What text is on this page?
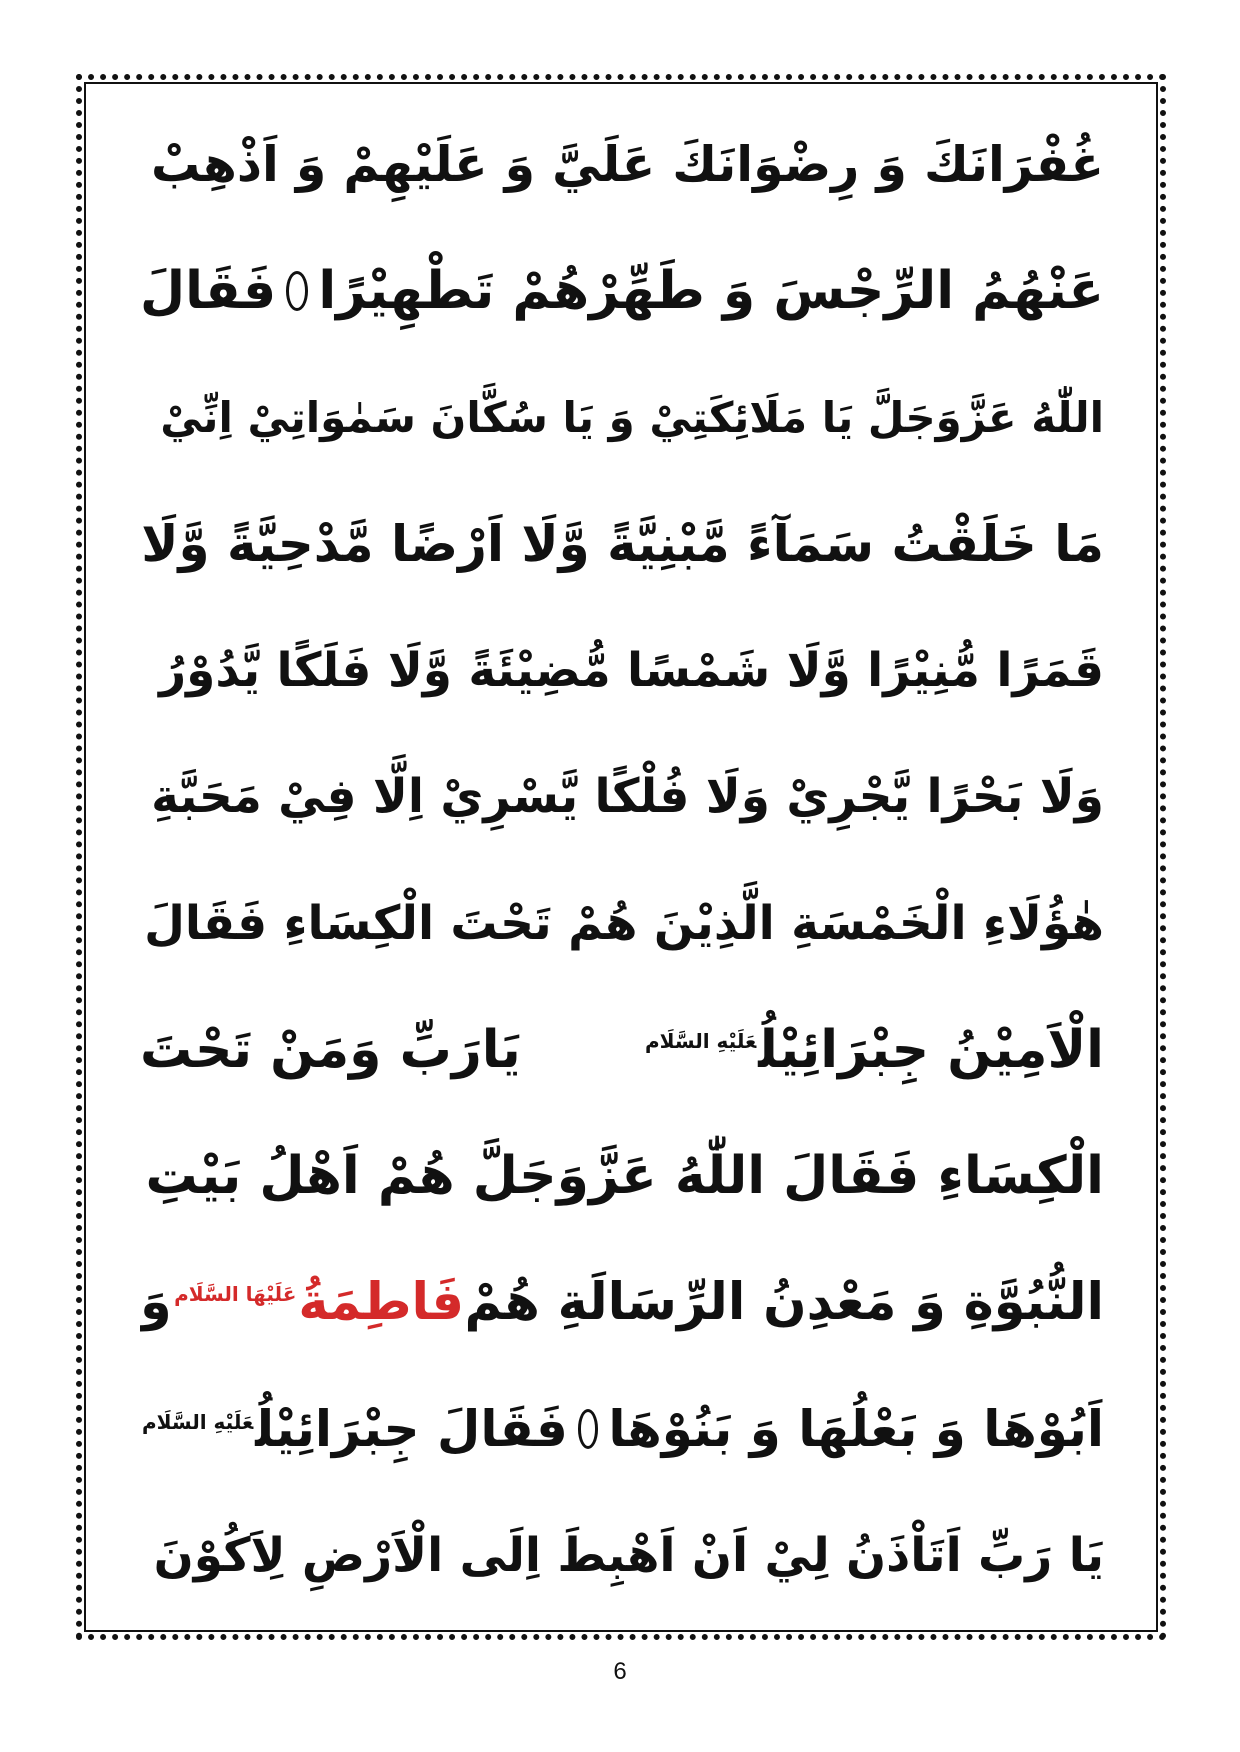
غُفْرَانَكَ وَ رِضْوَانَكَ عَلَيَّ وَ عَلَيْهِمْ وَ اَذْهِبْ
عَنْهُمُ الرِّجْسَ وَ طَهِّرْهُمْ تَطْهِيْرًا
فَقَالَ
اللّٰهُ عَزَّوَجَلَّ يَا مَلَائِكَتِيْ وَ يَا سُكَّانَ سَمٰوَاتِيْ اِنِّيْ
مَا خَلَقْتُ سَمَآءً مَّبْنِيَّةً وَّلَا اَرْضًا مَّدْحِيَّةً وَّلَا
قَمَرًا مُّنِيْرًا وَّلَا شَمْسًا مُّضِيْئَةً وَّلَا فَلَكًا يَّدُوْرُ
وَلَا بَحْرًا يَّجْرِيْ وَلَا فُلْكًا يَّسْرِيْ اِلَّا فِيْ مَحَبَّةِ
هٰؤُلَاءِ الْخَمْسَةِ الَّذِيْنَ هُمْ تَحْتَ الْكِسَاءِ فَقَالَ
الْاَمِيْنُ جِبْرَائِيْلُ$^{عَلَيْهِ السَّلَام}$
يَارَبِّ وَمَنْ تَحْتَ
الْكِسَاءِ فَقَالَ اللّٰهُ عَزَّوَجَلَّ هُمْ اَهْلُ بَيْتِ
النُّبُوَّةِ وَ مَعْدِنُ الرِّسَالَةِ هُمْ
فَاطِمَةُ$^{عَلَيْهَا السَّلَام}$
وَ
اَبُوْهَا وَ بَعْلُهَا وَ بَنُوْهَا
فَقَالَ جِبْرَائِيْلُ$^{عَلَيْهِ السَّلَام}$
يَا رَبِّ اَتَاْذَنُ لِيْ اَنْ اَهْبِطَ اِلَى الْاَرْضِ لِاَكُوْنَ
6
